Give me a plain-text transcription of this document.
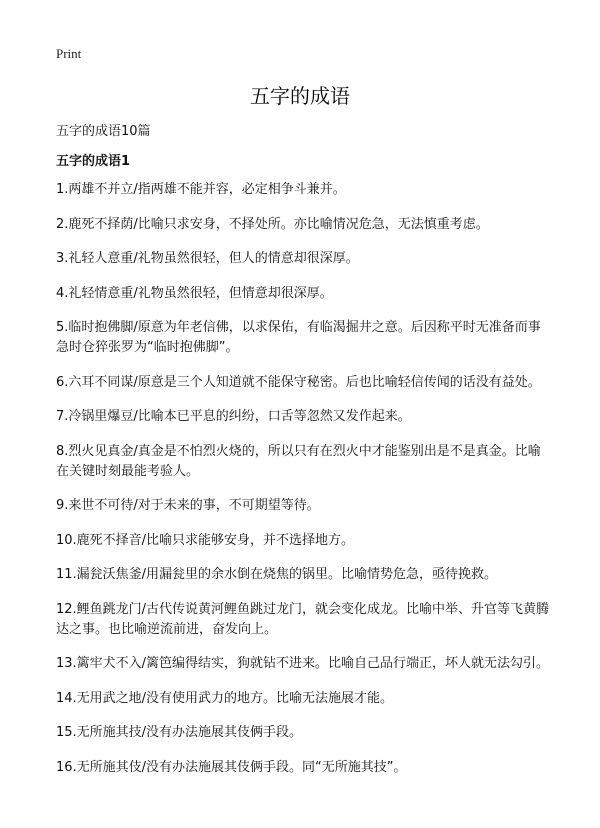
Print
五字的成语
五字的成语10篇
五字的成语1

1.两雄不并立/指两雄不能并容，必定相争斗兼并。

2.鹿死不择荫/比喻只求安身，不择处所。亦比喻情况危急，无法慎重考虑。

3.礼轻人意重/礼物虽然很轻，但人的情意却很深厚。

4.礼轻情意重/礼物虽然很轻，但情意却很深厚。

5.临时抱佛脚/原意为年老信佛，以求保佑，有临渴掘井之意。后因称平时无准备而事急时仓猝张罗为“临时抱佛脚”。

6.六耳不同谋/原意是三个人知道就不能保守秘密。后也比喻轻信传闻的话没有益处。

7.冷锅里爆豆/比喻本已平息的纠纷，口舌等忽然又发作起来。

8.烈火见真金/真金是不怕烈火烧的，所以只有在烈火中才能鉴别出是不是真金。比喻在关键时刻最能考验人。

9.来世不可待/对于未来的事，不可期望等待。

10.鹿死不择音/比喻只求能够安身，并不选择地方。

11.漏瓮沃焦釜/用漏瓮里的余水倒在烧焦的锅里。比喻情势危急，亟待挽救。

12.鲤鱼跳龙门/古代传说黄河鲤鱼跳过龙门，就会变化成龙。比喻中举、升官等飞黄腾达之事。也比喻逆流前进，奋发向上。

13.篱牢犬不入/篱笆编得结实，狗就钻不进来。比喻自己品行端正，坏人就无法勾引。

14.无用武之地/没有使用武力的地方。比喻无法施展才能。

15.无所施其技/没有办法施展其伎俩手段。

16.无所施其伎/没有办法施展其伎俩手段。同“无所施其技”。
